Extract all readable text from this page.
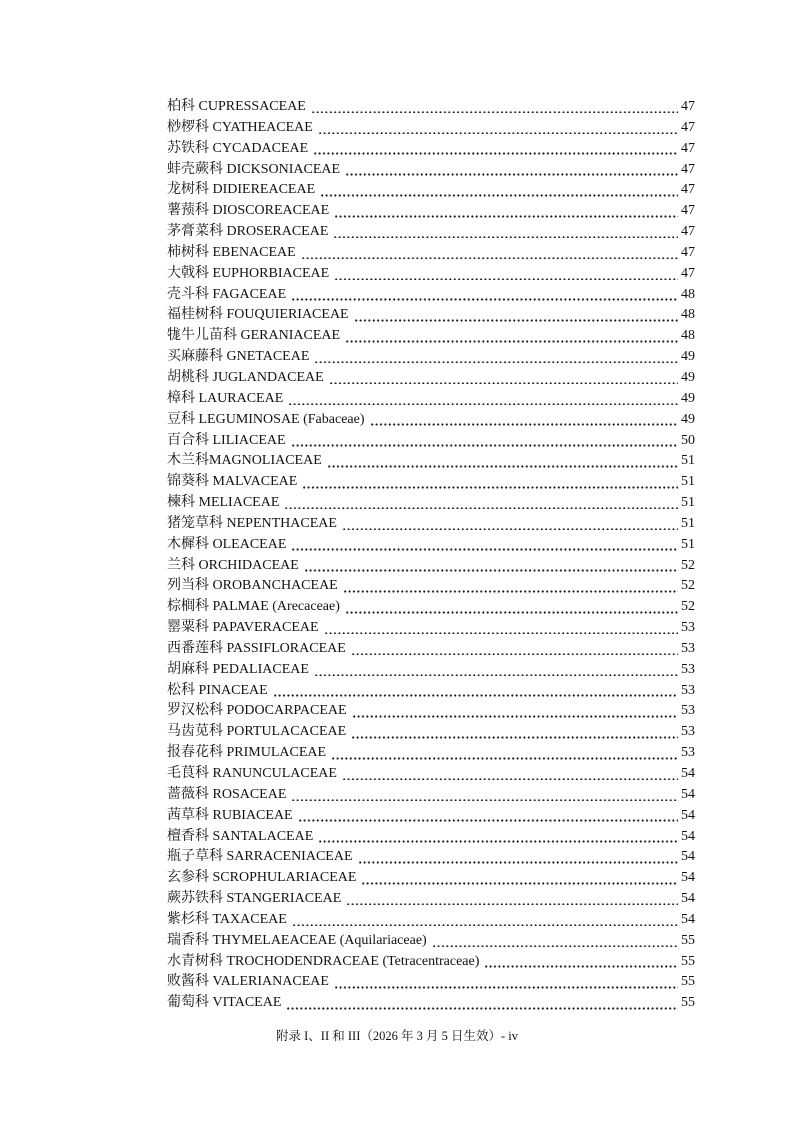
柏科 CUPRESSACEAE	47
桫椤科 CYATHEACEAE	47
苏铁科 CYCADACEAE	47
蚌壳蕨科 DICKSONIACEAE	47
龙树科 DIDIEREACEAE	47
薯蓣科 DIOSCOREACEAE	47
茅膏菜科 DROSERACEAE	47
柿树科 EBENACEAE	47
大戟科 EUPHORBIACEAE	47
壳斗科 FAGACEAE	48
福桂树科 FOUQUIERIACEAE	48
牻牛儿苗科 GERANIACEAE	48
买麻藤科 GNETACEAE	49
胡桃科 JUGLANDACEAE	49
樟科 LAURACEAE	49
豆科 LEGUMINOSAE (Fabaceae)	49
百合科 LILIACEAE	50
木兰科MAGNOLIACEAE	51
锦葵科 MALVACEAE	51
楝科 MELIACEAE	51
猪笼草科 NEPENTHACEAE	51
木樨科 OLEACEAE	51
兰科 ORCHIDACEAE	52
列当科 OROBANCHACEAE	52
棕榈科 PALMAE (Arecaceae)	52
罂粟科 PAPAVERACEAE	53
西番莲科 PASSIFLORACEAE	53
胡麻科 PEDALIACEAE	53
松科 PINACEAE	53
罗汉松科 PODOCARPACEAE	53
马齿苋科 PORTULACACEAE	53
报春花科 PRIMULACEAE	53
毛茛科 RANUNCULACEAE	54
蔷薇科 ROSACEAE	54
茜草科 RUBIACEAE	54
檀香科 SANTALACEAE	54
瓶子草科 SARRACENIACEAE	54
玄参科 SCROPHULARIACEAE	54
蕨苏铁科 STANGERIACEAE	54
紫杉科 TAXACEAE	54
瑞香科 THYMELAEACEAE (Aquilariaceae)	55
水青树科 TROCHODENDRACEAE (Tetracentraceae)	55
败酱科 VALERIANACEAE	55
葡萄科 VITACEAE	55
附录 I、II 和 III（2026 年 3 月 5 日生效）- iv
